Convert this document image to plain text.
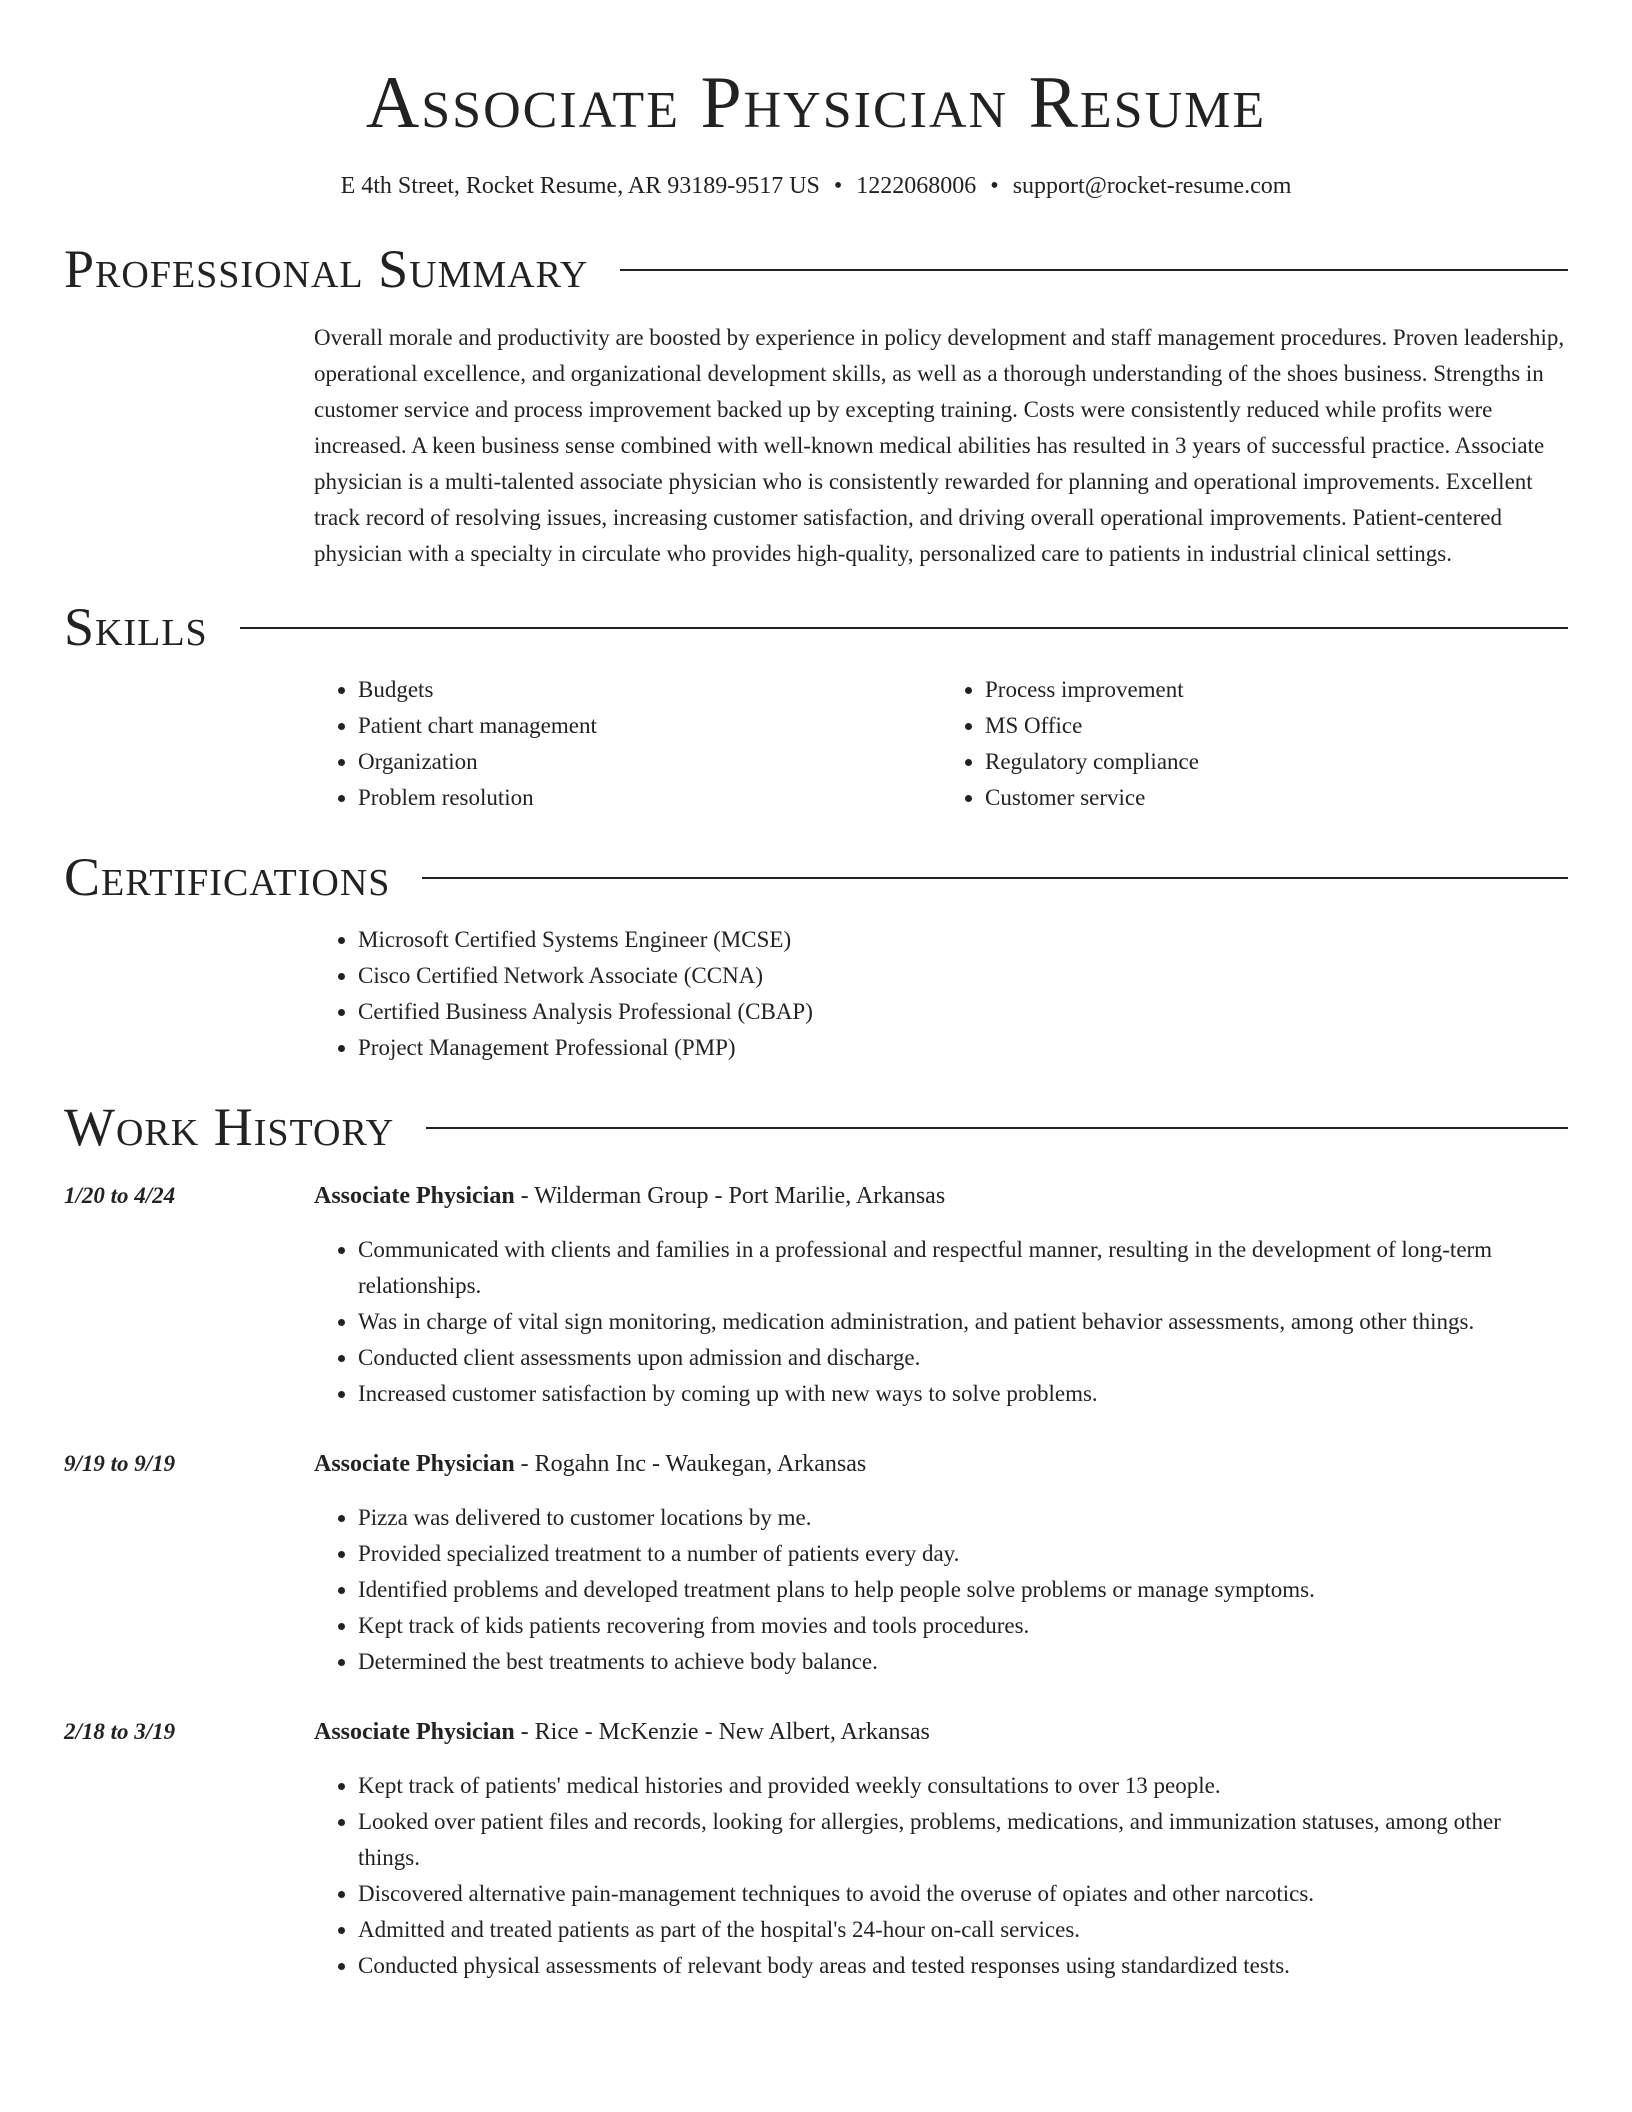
Associate Physician Resume
E 4th Street, Rocket Resume, AR 93189-9517 US • 1222068006 • support@rocket-resume.com
Professional Summary
Overall morale and productivity are boosted by experience in policy development and staff management procedures. Proven leadership, operational excellence, and organizational development skills, as well as a thorough understanding of the shoes business. Strengths in customer service and process improvement backed up by excepting training. Costs were consistently reduced while profits were increased. A keen business sense combined with well-known medical abilities has resulted in 3 years of successful practice. Associate physician is a multi-talented associate physician who is consistently rewarded for planning and operational improvements. Excellent track record of resolving issues, increasing customer satisfaction, and driving overall operational improvements. Patient-centered physician with a specialty in circulate who provides high-quality, personalized care to patients in industrial clinical settings.
Skills
• Budgets
• Patient chart management
• Organization
• Problem resolution
• Process improvement
• MS Office
• Regulatory compliance
• Customer service
Certifications
• Microsoft Certified Systems Engineer (MCSE)
• Cisco Certified Network Associate (CCNA)
• Certified Business Analysis Professional (CBAP)
• Project Management Professional (PMP)
Work History
1/20 to 4/24	Associate Physician - Wilderman Group - Port Marilie, Arkansas
• Communicated with clients and families in a professional and respectful manner, resulting in the development of long-term relationships.
• Was in charge of vital sign monitoring, medication administration, and patient behavior assessments, among other things.
• Conducted client assessments upon admission and discharge.
• Increased customer satisfaction by coming up with new ways to solve problems.
9/19 to 9/19	Associate Physician - Rogahn Inc - Waukegan, Arkansas
• Pizza was delivered to customer locations by me.
• Provided specialized treatment to a number of patients every day.
• Identified problems and developed treatment plans to help people solve problems or manage symptoms.
• Kept track of kids patients recovering from movies and tools procedures.
• Determined the best treatments to achieve body balance.
2/18 to 3/19	Associate Physician - Rice - McKenzie - New Albert, Arkansas
• Kept track of patients' medical histories and provided weekly consultations to over 13 people.
• Looked over patient files and records, looking for allergies, problems, medications, and immunization statuses, among other things.
• Discovered alternative pain-management techniques to avoid the overuse of opiates and other narcotics.
• Admitted and treated patients as part of the hospital's 24-hour on-call services.
• Conducted physical assessments of relevant body areas and tested responses using standardized tests.
